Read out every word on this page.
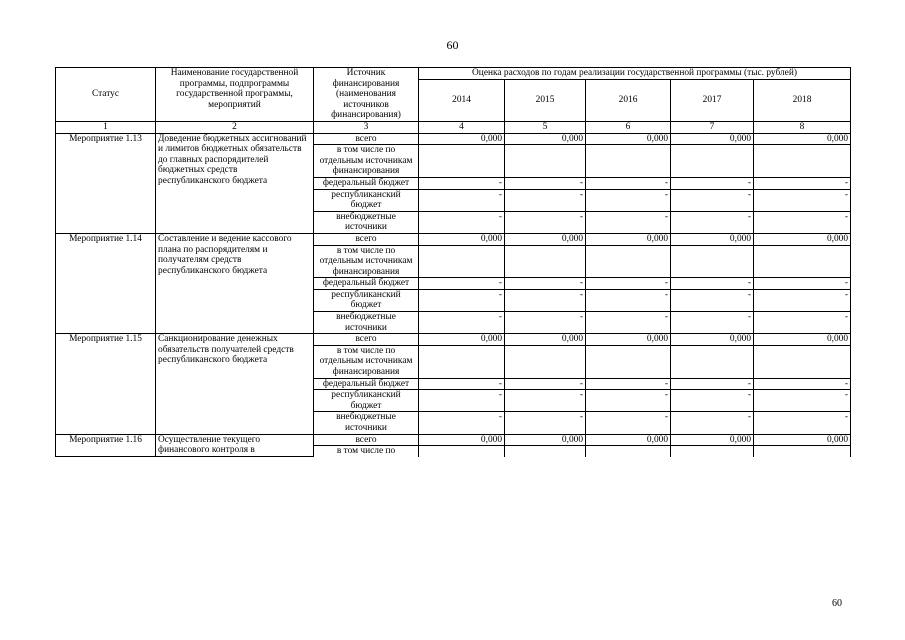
60
Статус	Наименование государственной программы, подпрограммы государственной программы, мероприятий	Источник финансирования (наименования источников финансирования)	Оценка расходов по годам реализации государственной программы (тыс. рублей)				
			2014	2015	2016	2017	2018
1	2	3	4	5	6	7	8
Мероприятие 1.13	Доведение бюджетных ассигнований и лимитов бюджетных обязательств до главных распорядителей бюджетных средств республиканского бюджета	всего	0,000	0,000	0,000	0,000	0,000
		в том числе по отдельным источникам финансирования					
		федеральный бюджет	-	-	-	-	-
		республиканский бюджет	-	-	-	-	-
		внебюджетные источники	-	-	-	-	-
Мероприятие 1.14	Составление и ведение кассового плана по распорядителям и получателям средств республиканского бюджета	всего	0,000	0,000	0,000	0,000	0,000
		в том числе по отдельным источникам финансирования					
		федеральный бюджет	-	-	-	-	-
		республиканский бюджет	-	-	-	-	-
		внебюджетные источники	-	-	-	-	-
Мероприятие 1.15	Санкционирование денежных обязательств получателей средств республиканского бюджета	всего	0,000	0,000	0,000	0,000	0,000
		в том числе по отдельным источникам финансирования					
		федеральный бюджет	-	-	-	-	-
		республиканский бюджет	-	-	-	-	-
		внебюджетные источники	-	-	-	-	-
Мероприятие 1.16	Осуществление текущего финансового контроля в	всего	0,000	0,000	0,000	0,000	0,000
		в том числе по					
60
